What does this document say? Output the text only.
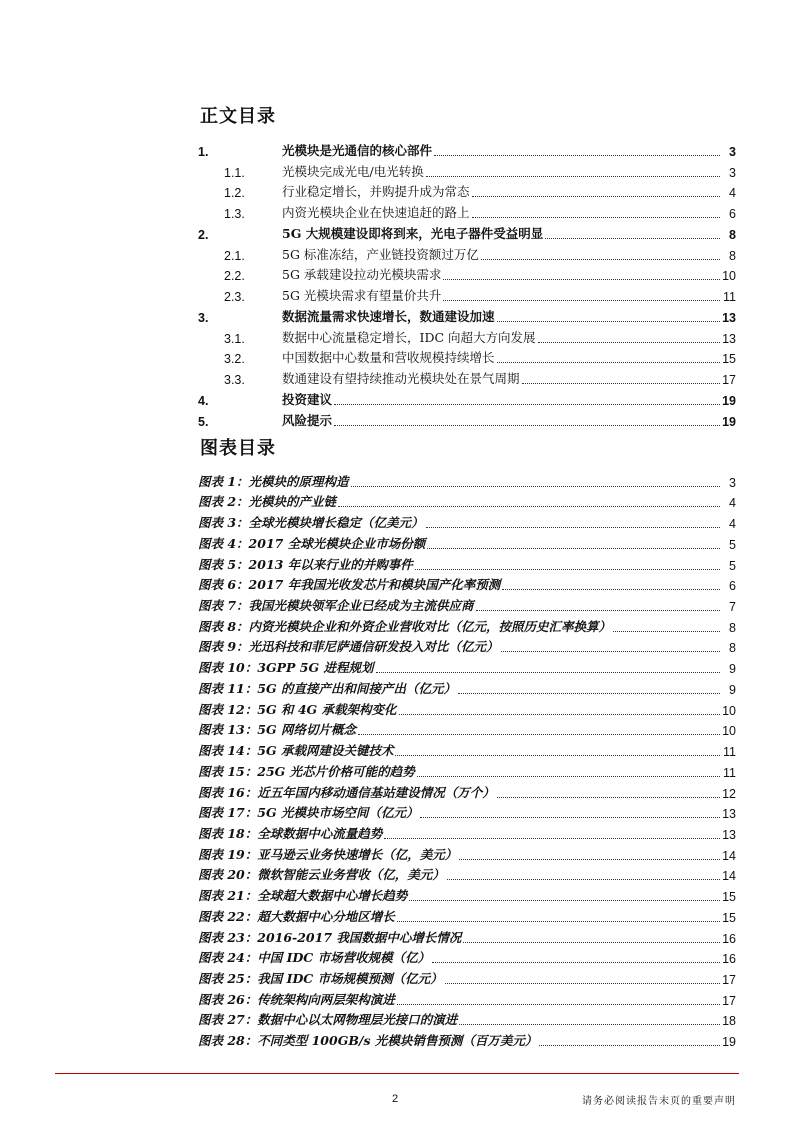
正文目录
1.	光模块是光通信的核心部件	3
1.1.	光模块完成光电/电光转换	3
1.2.	行业稳定增长，并购提升成为常态	4
1.3.	内资光模块企业在快速追赶的路上	6
2.	5G 大规模建设即将到来，光电子器件受益明显	8
2.1.	5G 标准冻结，产业链投资额过万亿	8
2.2.	5G 承载建设拉动光模块需求	10
2.3.	5G 光模块需求有望量价共升	11
3.	数据流量需求快速增长，数通建设加速	13
3.1.	数据中心流量稳定增长，IDC 向超大方向发展	13
3.2.	中国数据中心数量和营收规模持续增长	15
3.3.	数通建设有望持续推动光模块处在景气周期	17
4.	投资建议	19
5.	风险提示	19
图表目录
图表 1：光模块的原理构造	3
图表 2：光模块的产业链	4
图表 3：全球光模块增长稳定（亿美元）	4
图表 4：2017 全球光模块企业市场份额	5
图表 5：2013 年以来行业的并购事件	5
图表 6：2017 年我国光收发芯片和模块国产化率预测	6
图表 7：我国光模块领军企业已经成为主流供应商	7
图表 8：内资光模块企业和外资企业营收对比（亿元，按照历史汇率换算）	8
图表 9：光迅科技和菲尼萨通信研发投入对比（亿元）	8
图表 10：3GPP 5G 进程规划	9
图表 11：5G 的直接产出和间接产出（亿元）	9
图表 12：5G 和 4G 承载架构变化	10
图表 13：5G 网络切片概念	10
图表 14：5G 承载网建设关键技术	11
图表 15：25G 光芯片价格可能的趋势	11
图表 16：近五年国内移动通信基站建设情况（万个）	12
图表 17：5G 光模块市场空间（亿元）	13
图表 18：全球数据中心流量趋势	13
图表 19：亚马逊云业务快速增长（亿，美元）	14
图表 20：微软智能云业务营收（亿，美元）	14
图表 21：全球超大数据中心增长趋势	15
图表 22：超大数据中心分地区增长	15
图表 23：2016-2017 我国数据中心增长情况	16
图表 24：中国 IDC 市场营收规模（亿）	16
图表 25：我国 IDC 市场规模预测（亿元）	17
图表 26：传统架构向两层架构演进	17
图表 27：数据中心以太网物理层光接口的演进	18
图表 28：不同类型 100GB/s 光模块销售预测（百万美元）	19
2	请务必阅读报告末页的重要声明
